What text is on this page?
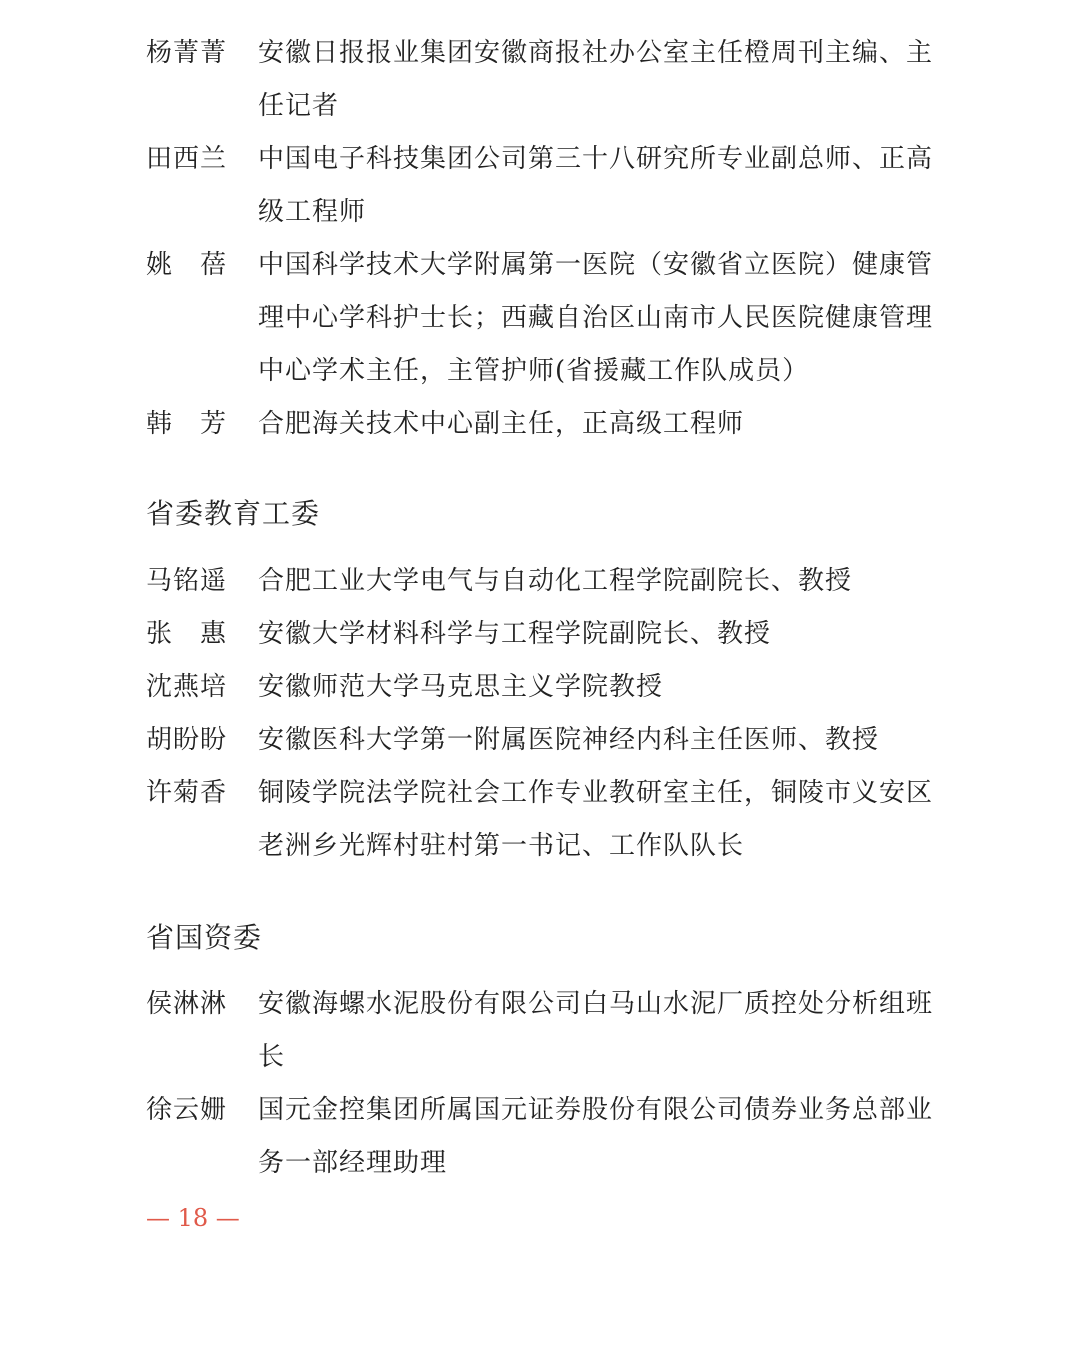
杨菁菁	安徽日报报业集团安徽商报社办公室主任橙周刊主编、主任记者
田西兰	中国电子科技集团公司第三十八研究所专业副总师、正高级工程师
姚　蓓	中国科学技术大学附属第一医院（安徽省立医院）健康管理中心学科护士长；西藏自治区山南市人民医院健康管理中心学术主任，主管护师(省援藏工作队成员）
韩　芳	合肥海关技术中心副主任，正高级工程师
省委教育工委
马铭遥	合肥工业大学电气与自动化工程学院副院长、教授
张　惠	安徽大学材料科学与工程学院副院长、教授
沈燕培	安徽师范大学马克思主义学院教授
胡盼盼	安徽医科大学第一附属医院神经内科主任医师、教授
许菊香	铜陵学院法学院社会工作专业教研室主任，铜陵市义安区老洲乡光辉村驻村第一书记、工作队队长
省国资委
侯淋淋	安徽海螺水泥股份有限公司白马山水泥厂质控处分析组班长
徐云姗	国元金控集团所属国元证券股份有限公司债券业务总部业务一部经理助理
— 18 —
